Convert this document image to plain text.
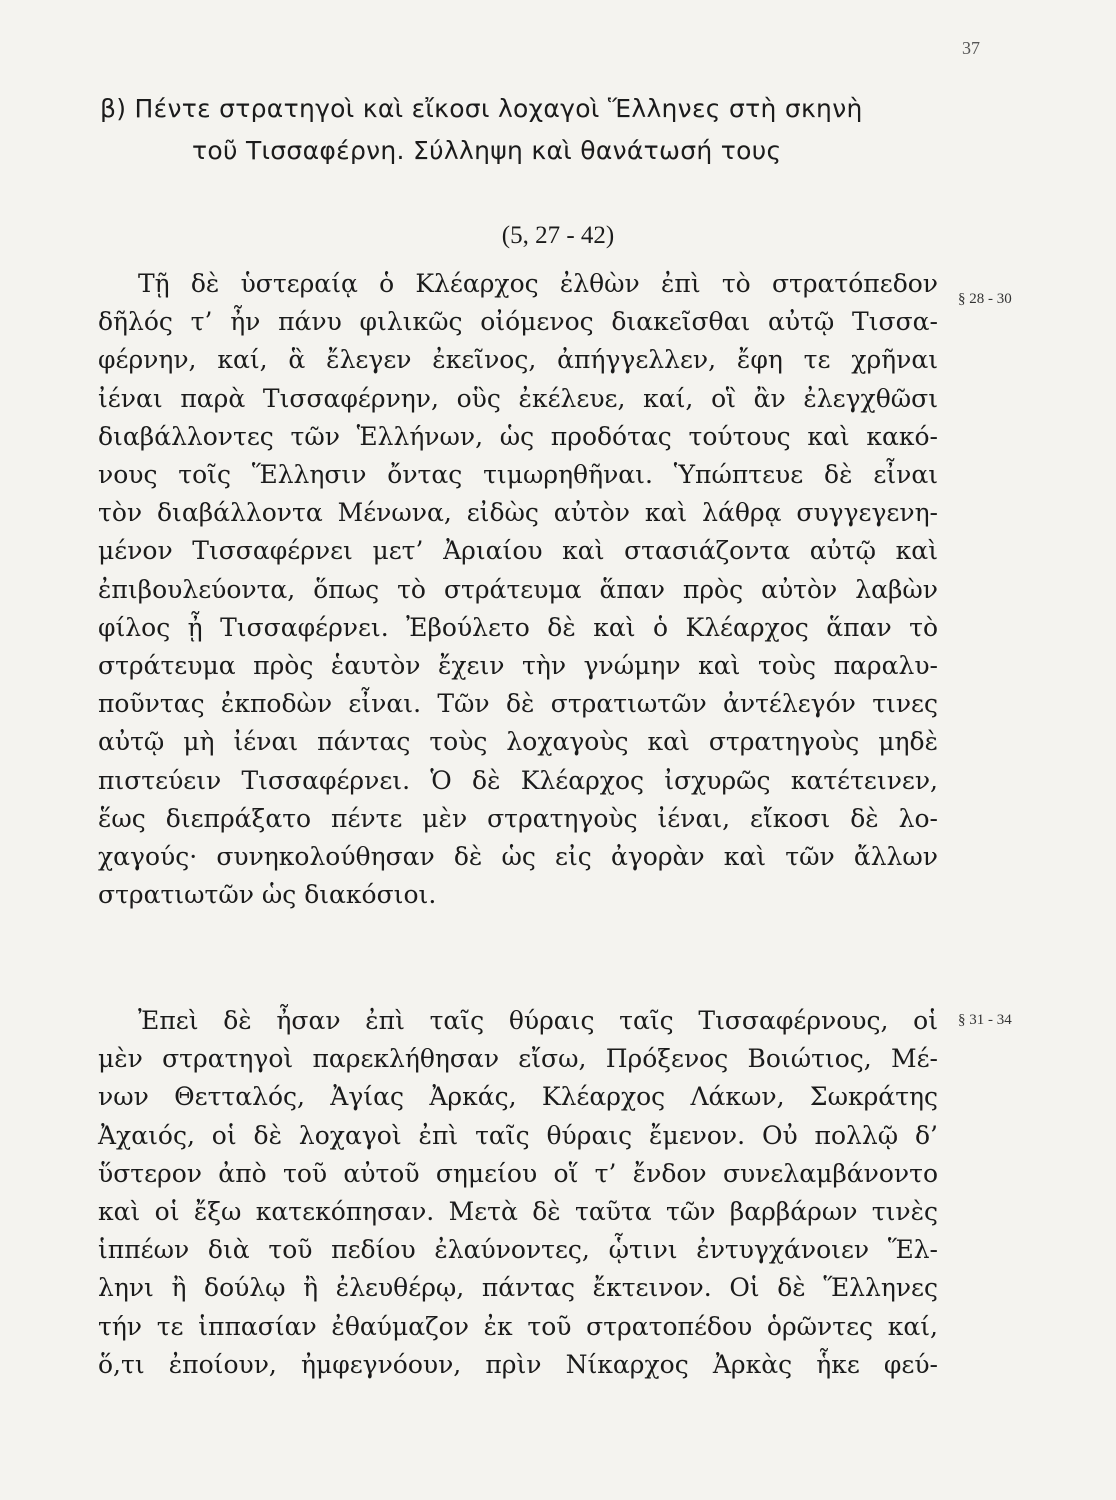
37
β) Πέντε στρατηγοὶ καὶ εἴκοσι λοχαγοὶ Ἕλληνες στὴ σκηνὴ
τοῦ Τισσαφέρνη. Σύλληψη καὶ θανάτωσή τους
(5, 27 - 42)
§ 28 - 30
§ 31 - 34
Τῇ δὲ ὑστεραίᾳ ὁ Κλέαρχος ἐλθὼν ἐπὶ τὸ στρατόπεδον
δῆλός τ’ ἦν πάνυ φιλικῶς οἰόμενος διακεῖσθαι αὐτῷ Τισσα-
φέρνην, καί, ἃ ἔλεγεν ἐκεῖνος, ἀπήγγελλεν, ἔφη τε χρῆναι
ἰέναι παρὰ Τισσαφέρνην, οὓς ἐκέλευε, καί, οἳ ἂν ἐλεγχθῶσι
διαβάλλοντες τῶν Ἑλλήνων, ὡς προδότας τούτους καὶ κακό-
νους τοῖς Ἕλλησιν ὄντας τιμωρηθῆναι. Ὑπώπτευε δὲ εἶναι
τὸν διαβάλλοντα Μένωνα, εἰδὼς αὐτὸν καὶ λάθρᾳ συγγεγενη-
μένον Τισσαφέρνει μετ’ Ἀριαίου καὶ στασιάζοντα αὐτῷ καὶ
ἐπιβουλεύοντα, ὅπως τὸ στράτευμα ἅπαν πρὸς αὐτὸν λαβὼν
φίλος ᾖ Τισσαφέρνει. Ἐβούλετο δὲ καὶ ὁ Κλέαρχος ἅπαν τὸ
στράτευμα πρὸς ἑαυτὸν ἔχειν τὴν γνώμην καὶ τοὺς παραλυ-
ποῦντας ἐκποδὼν εἶναι. Τῶν δὲ στρατιωτῶν ἀντέλεγόν τινες
αὐτῷ μὴ ἰέναι πάντας τοὺς λοχαγοὺς καὶ στρατηγοὺς μηδὲ
πιστεύειν Τισσαφέρνει. Ὁ δὲ Κλέαρχος ἰσχυρῶς κατέτεινεν,
ἕως διεπράξατο πέντε μὲν στρατηγοὺς ἰέναι, εἴκοσι δὲ λο-
χαγούς· συνηκολούθησαν δὲ ὡς εἰς ἀγορὰν καὶ τῶν ἄλλων
στρατιωτῶν ὡς διακόσιοι.
Ἐπεὶ δὲ ἦσαν ἐπὶ ταῖς θύραις ταῖς Τισσαφέρνους, οἱ
μὲν στρατηγοὶ παρεκλήθησαν εἴσω, Πρόξενος Βοιώτιος, Μέ-
νων Θετταλός, Ἀγίας Ἀρκάς, Κλέαρχος Λάκων, Σωκράτης
Ἀχαιός, οἱ δὲ λοχαγοὶ ἐπὶ ταῖς θύραις ἔμενον. Οὐ πολλῷ δ’
ὕστερον ἀπὸ τοῦ αὐτοῦ σημείου οἵ τ’ ἔνδον συνελαμβάνοντο
καὶ οἱ ἔξω κατεκόπησαν. Μετὰ δὲ ταῦτα τῶν βαρβάρων τινὲς
ἱππέων διὰ τοῦ πεδίου ἐλαύνοντες, ᾧτινι ἐντυγχάνοιεν Ἕλ-
ληνι ἢ δούλῳ ἢ ἐλευθέρῳ, πάντας ἔκτεινον. Οἱ δὲ Ἕλληνες
τήν τε ἱππασίαν ἐθαύμαζον ἐκ τοῦ στρατοπέδου ὁρῶντες καί,
ὅ,τι ἐποίουν, ἠμφεγνόουν, πρὶν Νίκαρχος Ἀρκὰς ἧκε φεύ-
